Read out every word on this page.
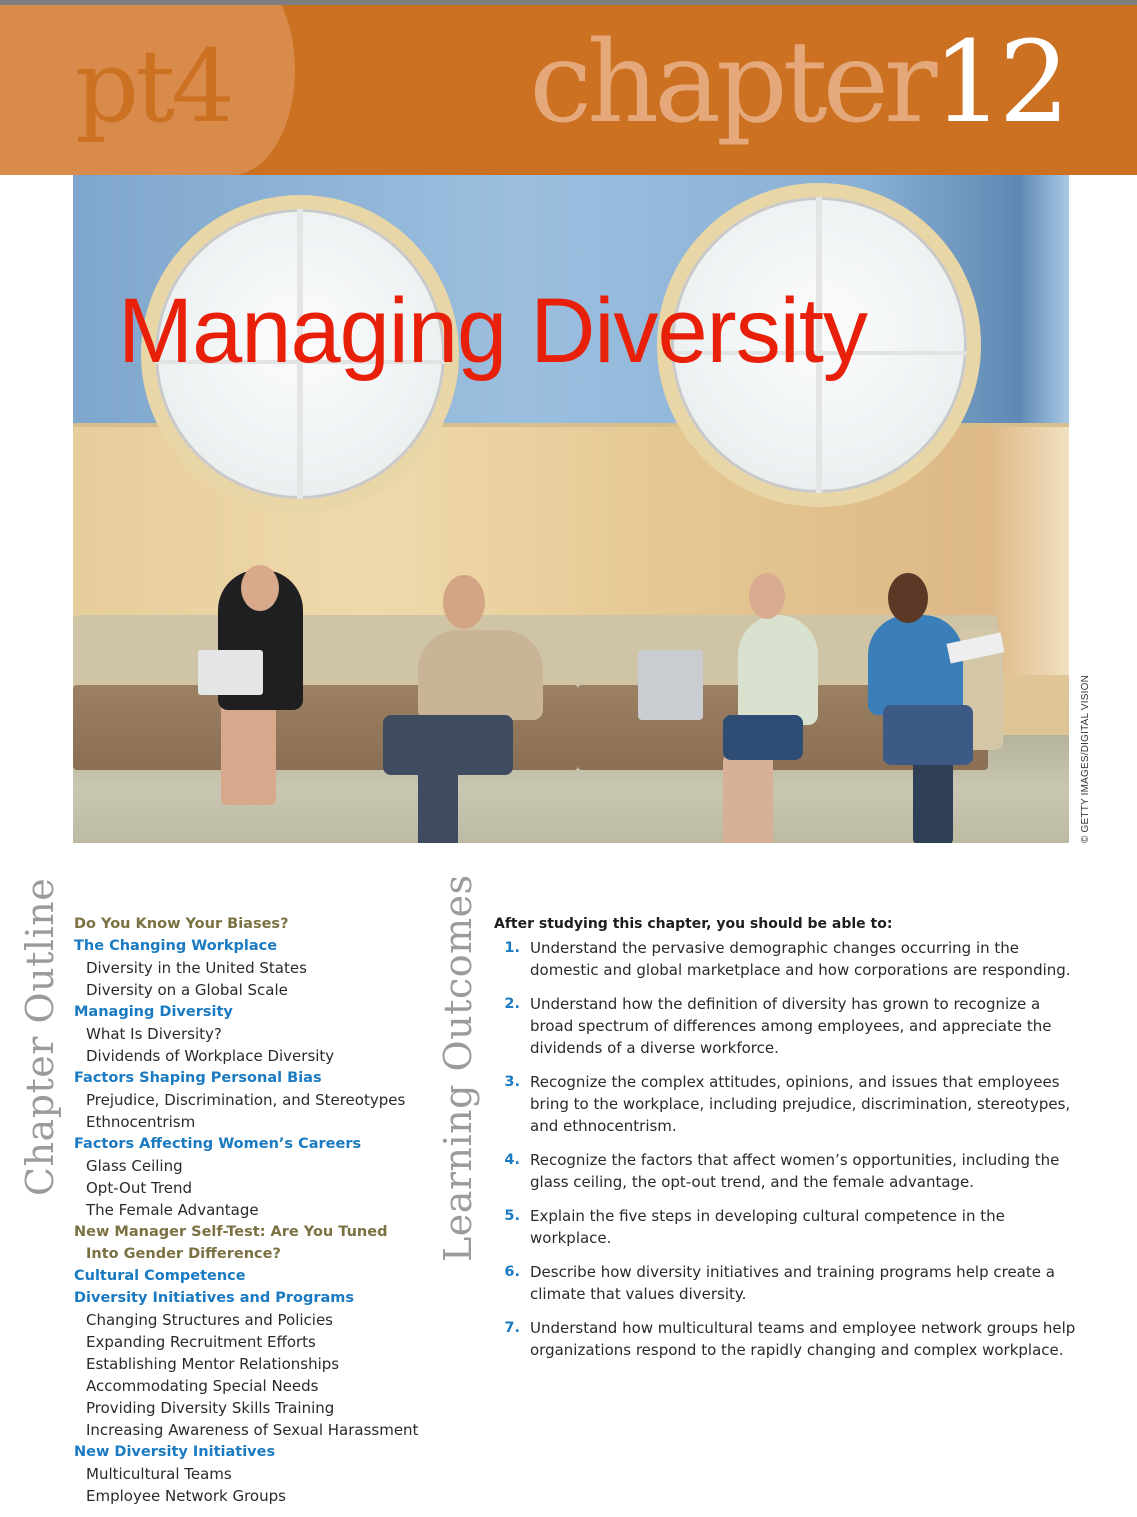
pt4	chapter12
Managing Diversity
© GETTY IMAGES/DIGITAL VISION
Chapter Outline	Learning Outcomes
Do You Know Your Biases?
The Changing Workplace
Diversity in the United States
Diversity on a Global Scale
Managing Diversity
What Is Diversity?
Dividends of Workplace Diversity
Factors Shaping Personal Bias
Prejudice, Discrimination, and Stereotypes
Ethnocentrism
Factors Affecting Women’s Careers
Glass Ceiling
Opt-Out Trend
The Female Advantage
New Manager Self-Test: Are You Tuned
Into Gender Difference?
Cultural Competence
Diversity Initiatives and Programs
Changing Structures and Policies
Expanding Recruitment Efforts
Establishing Mentor Relationships
Accommodating Special Needs
Providing Diversity Skills Training
Increasing Awareness of Sexual Harassment
New Diversity Initiatives
Multicultural Teams
Employee Network Groups
After studying this chapter, you should be able to:
1. Understand the pervasive demographic changes occurring in the domestic and global marketplace and how corporations are responding.
2. Understand how the definition of diversity has grown to recognize a broad spectrum of differences among employees, and appreciate the dividends of a diverse workforce.
3. Recognize the complex attitudes, opinions, and issues that employees bring to the workplace, including prejudice, discrimination, stereotypes, and ethnocentrism.
4. Recognize the factors that affect women’s opportunities, including the glass ceiling, the opt-out trend, and the female advantage.
5. Explain the five steps in developing cultural competence in the workplace.
6. Describe how diversity initiatives and training programs help create a climate that values diversity.
7. Understand how multicultural teams and employee network groups help organizations respond to the rapidly changing and complex workplace.
